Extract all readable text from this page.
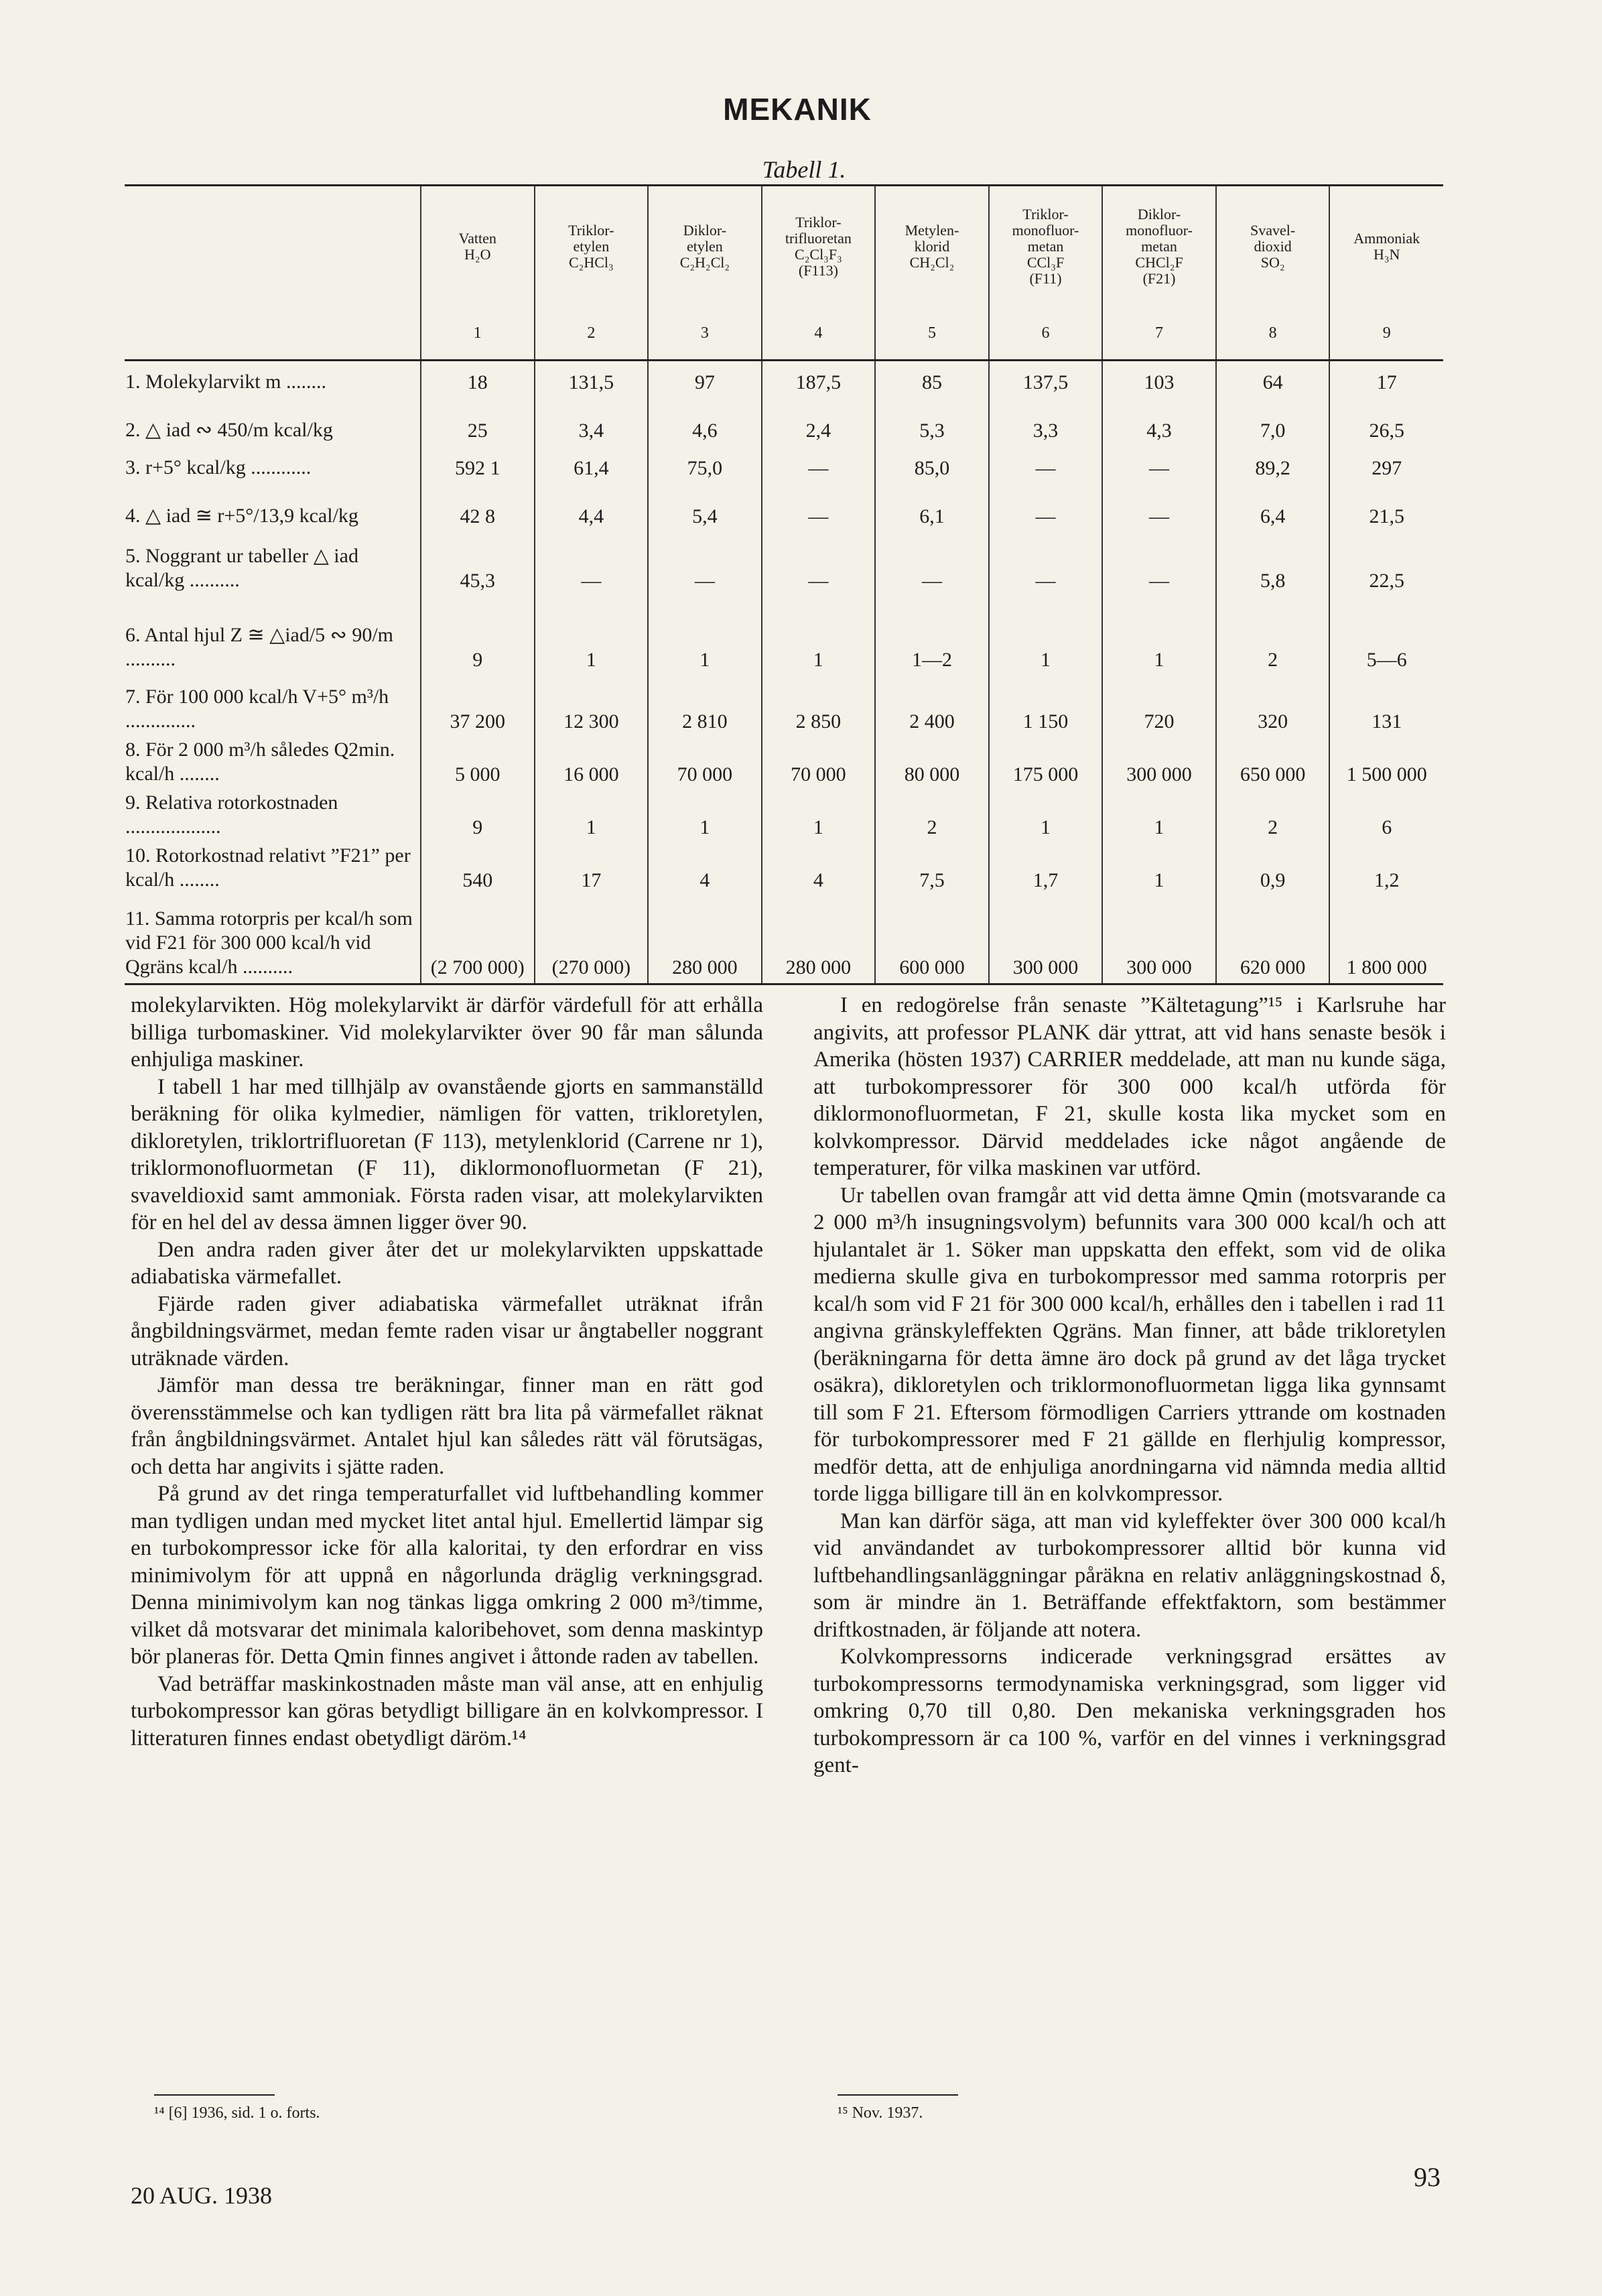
MEKANIK
Tabell 1.
	Vatten
H₂O	Triklor-
etylen
C₂HCl₃	Diklor-
etylen
C₂H₂Cl₂	Triklor-
trifluoretan
C₂Cl₃F₃
(F113)	Metylen-
klorid
CH₂Cl₂	Triklor-
monofluor-
metan
CCl₃F
(F11)	Diklor-
monofluor-
metan
CHCl₂F
(F21)	Svavel-
dioxid
SO₂	Ammoniak
H₃N
	1	2	3	4	5	6	7	8	9
1. Molekylarvikt m ........	18	131,5	97	187,5	85	137,5	103	64	17
2. △ iad ∾ 450/m kcal/kg	25	3,4	4,6	2,4	5,3	3,3	4,3	7,0	26,5
3. r+5° kcal/kg ............	592 1	61,4	75,0	—	85,0	—	—	89,2	297
4. △ iad ≅ r+5°/13,9 kcal/kg	42 8	4,4	5,4	—	6,1	—	—	6,4	21,5
5. Noggrant ur tabeller △ iad kcal/kg ..........	45,3	—	—	—	—	—	—	5,8	22,5
6. Antal hjul Z ≅ △iad/5 ∾ 90/m ..........	9	1	1	1	1—2	1	1	2	5—6
7. För 100 000 kcal/h V+5° m³/h ..............	37 200	12 300	2 810	2 850	2 400	1 150	720	320	131
8. För 2 000 m³/h således Q2min. kcal/h ........	5 000	16 000	70 000	70 000	80 000	175 000	300 000	650 000	1 500 000
9. Relativa rotorkostnaden ...................	9	1	1	1	2	1	1	2	6
10. Rotorkostnad relativt ”F21” per kcal/h ........	540	17	4	4	7,5	1,7	1	0,9	1,2
11. Samma rotorpris per kcal/h som vid F21 för 300 000 kcal/h vid Qgräns kcal/h ..........	(2 700 000)	(270 000)	280 000	280 000	600 000	300 000	300 000	620 000	1 800 000

molekylarvikten. Hög molekylarvikt är därför värdefull för att erhålla billiga turbomaskiner. Vid molekylarvikter över 90 får man sålunda enhjuliga maskiner.

I tabell 1 har med tillhjälp av ovanstående gjorts en sammanställd beräkning för olika kylmedier, nämligen för vatten, trikloretylen, dikloretylen, triklortrifluoretan (F 113), metylenklorid (Carrene nr 1), triklormonofluormetan (F 11), diklormonofluormetan (F 21), svaveldioxid samt ammoniak. Första raden visar, att molekylarvikten för en hel del av dessa ämnen ligger över 90.

Den andra raden giver åter det ur molekylarvikten uppskattade adiabatiska värmefallet.

Fjärde raden giver adiabatiska värmefallet uträknat ifrån ångbildningsvärmet, medan femte raden visar ur ångtabeller noggrant uträknade värden.

Jämför man dessa tre beräkningar, finner man en rätt god överensstämmelse och kan tydligen rätt bra lita på värmefallet räknat från ångbildningsvärmet. Antalet hjul kan således rätt väl förutsägas, och detta har angivits i sjätte raden.

På grund av det ringa temperaturfallet vid luftbehandling kommer man tydligen undan med mycket litet antal hjul. Emellertid lämpar sig en turbokompressor icke för alla kaloritai, ty den erfordrar en viss minimivolym för att uppnå en någorlunda dräglig verkningsgrad. Denna minimivolym kan nog tänkas ligga omkring 2 000 m³/timme, vilket då motsvarar det minimala kaloribehovet, som denna maskintyp bör planeras för. Detta Qmin finnes angivet i åttonde raden av tabellen.

Vad beträffar maskinkostnaden måste man väl anse, att en enhjulig turbokompressor kan göras betydligt billigare än en kolvkompressor. I litteraturen finnes endast obetydligt däröm.¹⁴

I en redogörelse från senaste ”Kältetagung”¹⁵ i Karlsruhe har angivits, att professor PLANK där yttrat, att vid hans senaste besök i Amerika (hösten 1937) CARRIER meddelade, att man nu kunde säga, att turbokompressorer för 300 000 kcal/h utförda för diklormonofluormetan, F 21, skulle kosta lika mycket som en kolvkompressor. Därvid meddelades icke något angående de temperaturer, för vilka maskinen var utförd.

Ur tabellen ovan framgår att vid detta ämne Qmin (motsvarande ca 2 000 m³/h insugningsvolym) befunnits vara 300 000 kcal/h och att hjulantalet är 1. Söker man uppskatta den effekt, som vid de olika medierna skulle giva en turbokompressor med samma rotorpris per kcal/h som vid F 21 för 300 000 kcal/h, erhålles den i tabellen i rad 11 angivna gränskyleffekten Qgräns. Man finner, att både trikloretylen (beräkningarna för detta ämne äro dock på grund av det låga trycket osäkra), dikloretylen och triklormonofluormetan ligga lika gynnsamt till som F 21. Eftersom förmodligen Carriers yttrande om kostnaden för turbokompressorer med F 21 gällde en flerhjulig kompressor, medför detta, att de enhjuliga anordningarna vid nämnda media alltid torde ligga billigare till än en kolvkompressor.

Man kan därför säga, att man vid kyleffekter över 300 000 kcal/h vid användandet av turbokompressorer alltid bör kunna vid luftbehandlingsanläggningar påräkna en relativ anläggningskostnad δ, som är mindre än 1. Beträffande effektfaktorn, som bestämmer driftkostnaden, är följande att notera.

Kolvkompressorns indicerade verkningsgrad ersättes av turbokompressorns termodynamiska verkningsgrad, som ligger vid omkring 0,70 till 0,80. Den mekaniska verkningsgraden hos turbokompressorn är ca 100 %, varför en del vinnes i verkningsgrad gent-

¹⁴ [6] 1936, sid. 1 o. forts.	¹⁵ Nov. 1937.
20 AUG. 1938
93
